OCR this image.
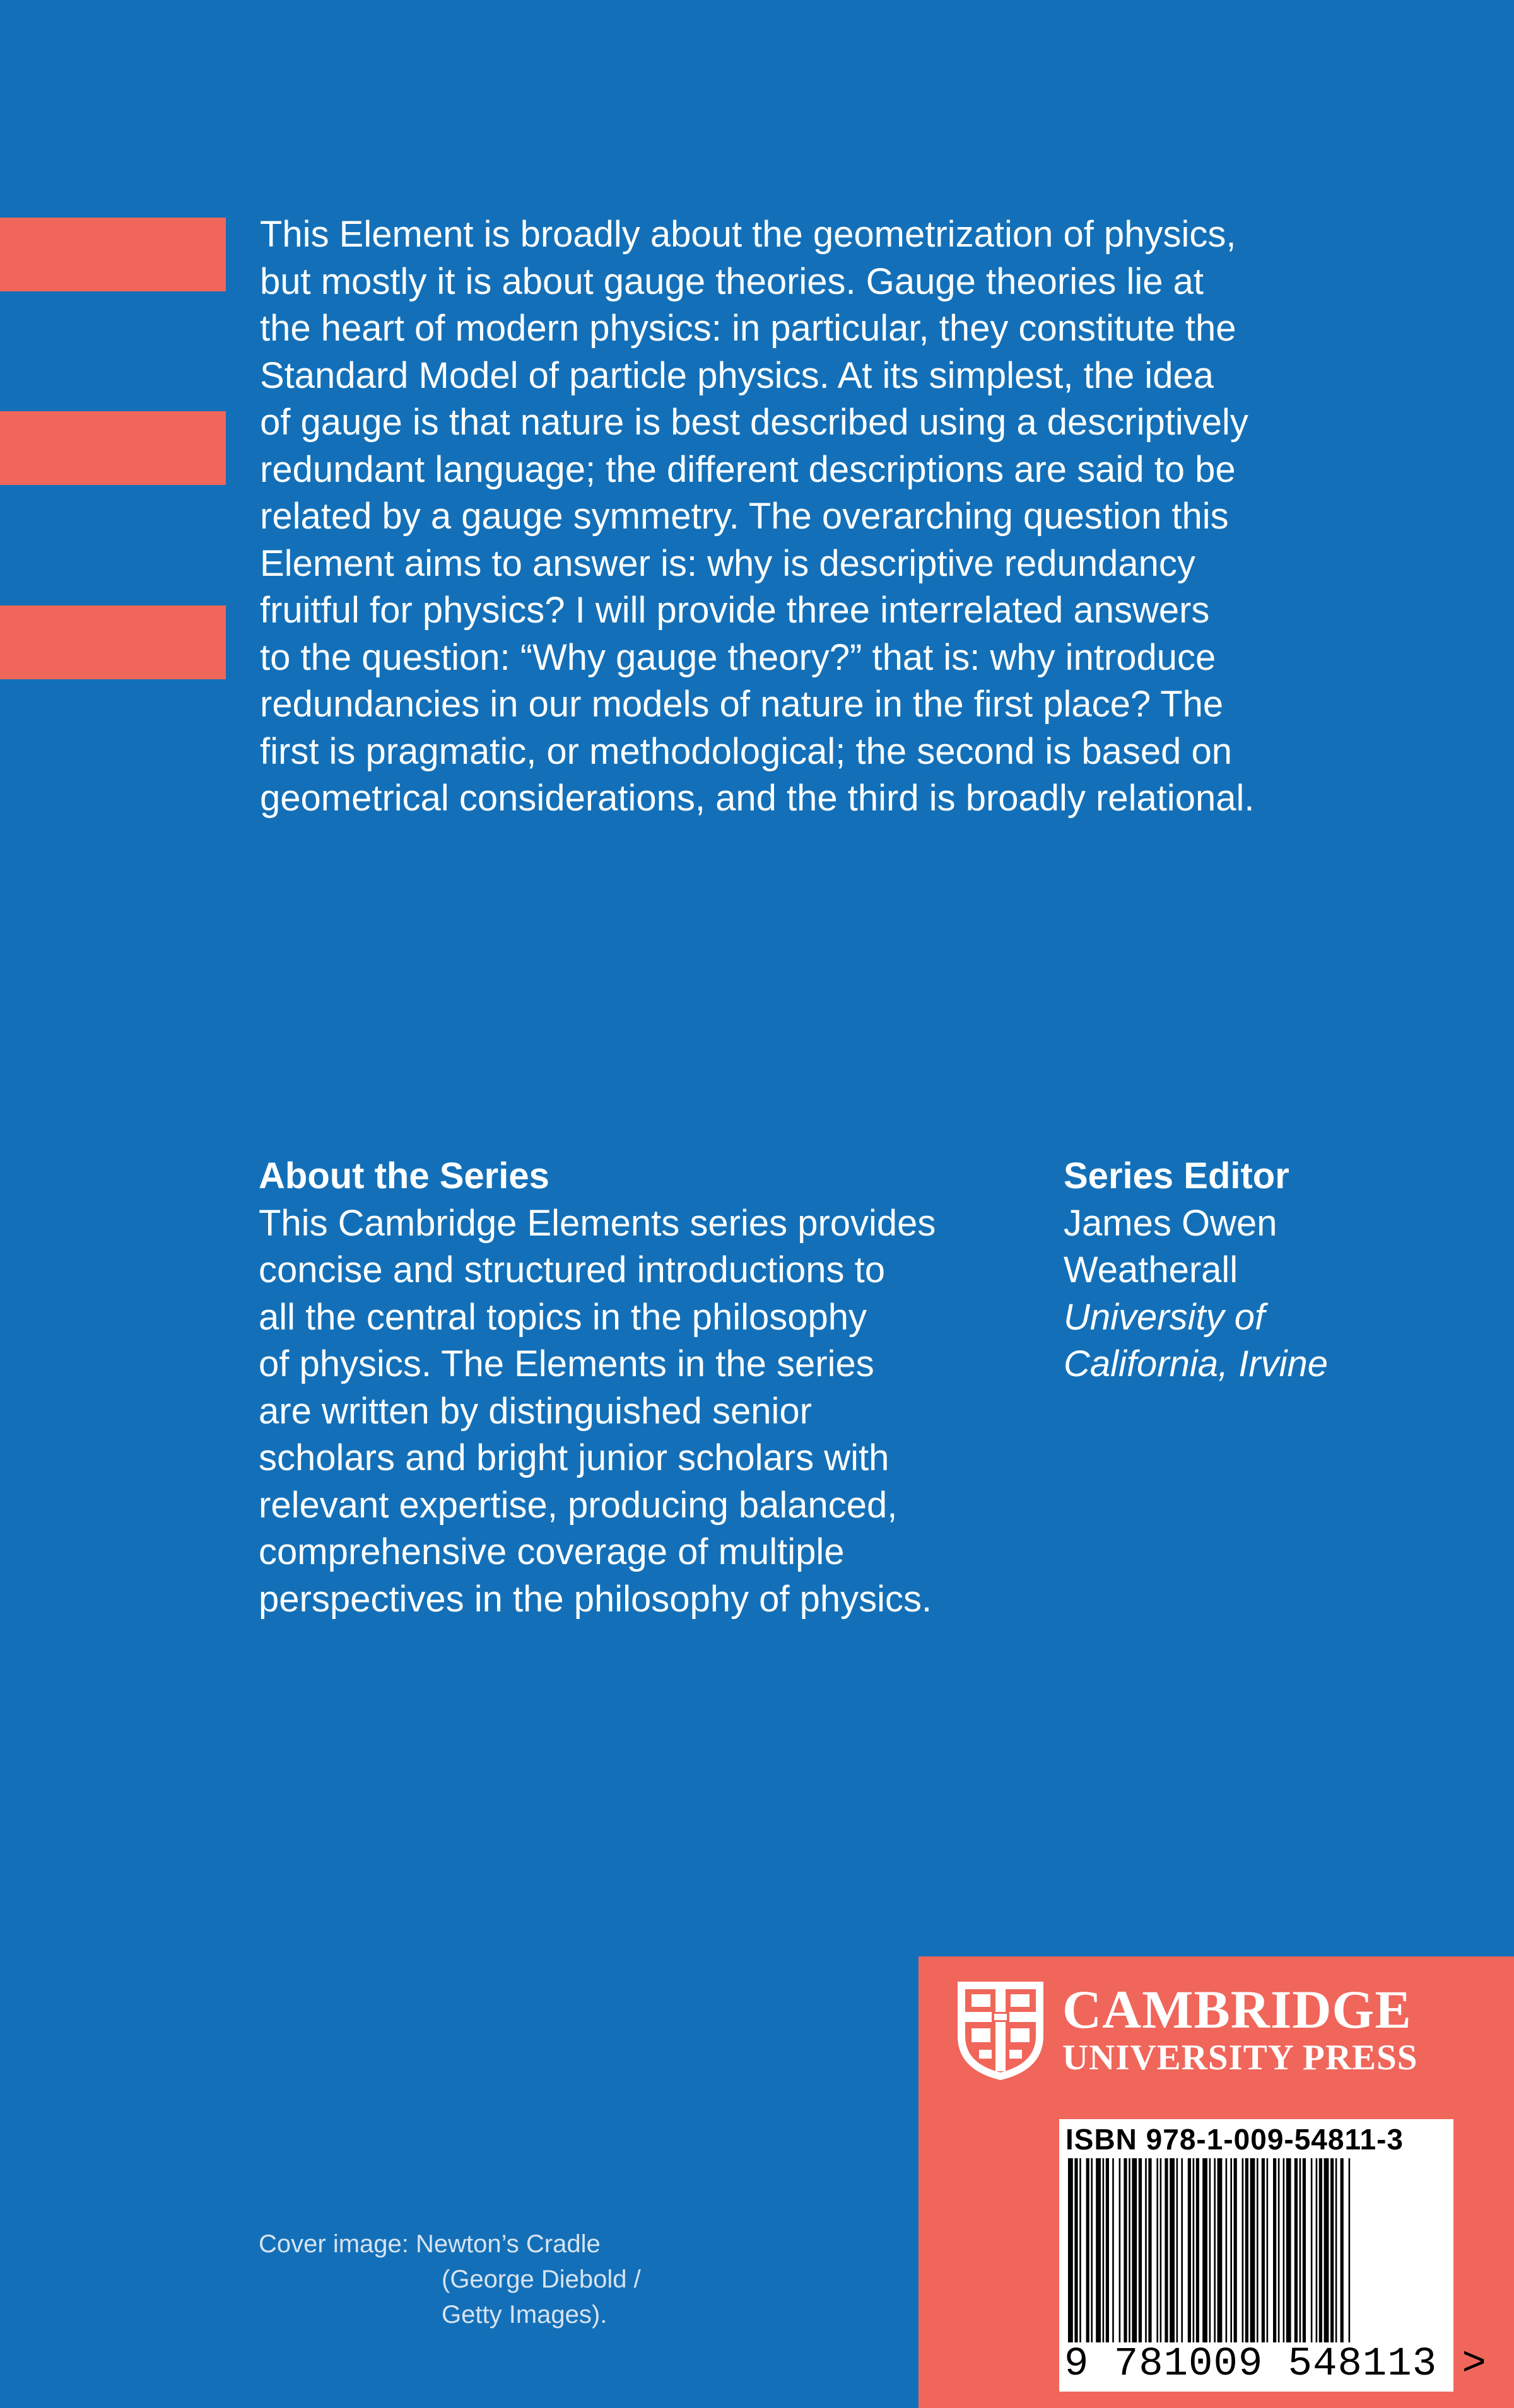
This Element is broadly about the geometrization of physics,
but mostly it is about gauge theories. Gauge theories lie at
the heart of modern physics: in particular, they constitute the
Standard Model of particle physics. At its simplest, the idea
of gauge is that nature is best described using a descriptively
redundant language; the different descriptions are said to be
related by a gauge symmetry. The overarching question this
Element aims to answer is: why is descriptive redundancy
fruitful for physics? I will provide three interrelated answers
to the question: “Why gauge theory?” that is: why introduce
redundancies in our models of nature in the first place? The
first is pragmatic, or methodological; the second is based on
geometrical considerations, and the third is broadly relational.

About the Series

This Cambridge Elements series provides
concise and structured introductions to
all the central topics in the philosophy
of physics. The Elements in the series
are written by distinguished senior
scholars and bright junior scholars with
relevant expertise, producing balanced,
comprehensive coverage of multiple
perspectives in the philosophy of physics.

Series Editor

James Owen
Weatherall
University of
California, Irvine

Cover image: Newton’s Cradle
(George Diebold /
Getty Images).
CAMBRIDGE
UNIVERSITY PRESS
ISBN 978-1-009-54811-3
9 781009 548113 >
